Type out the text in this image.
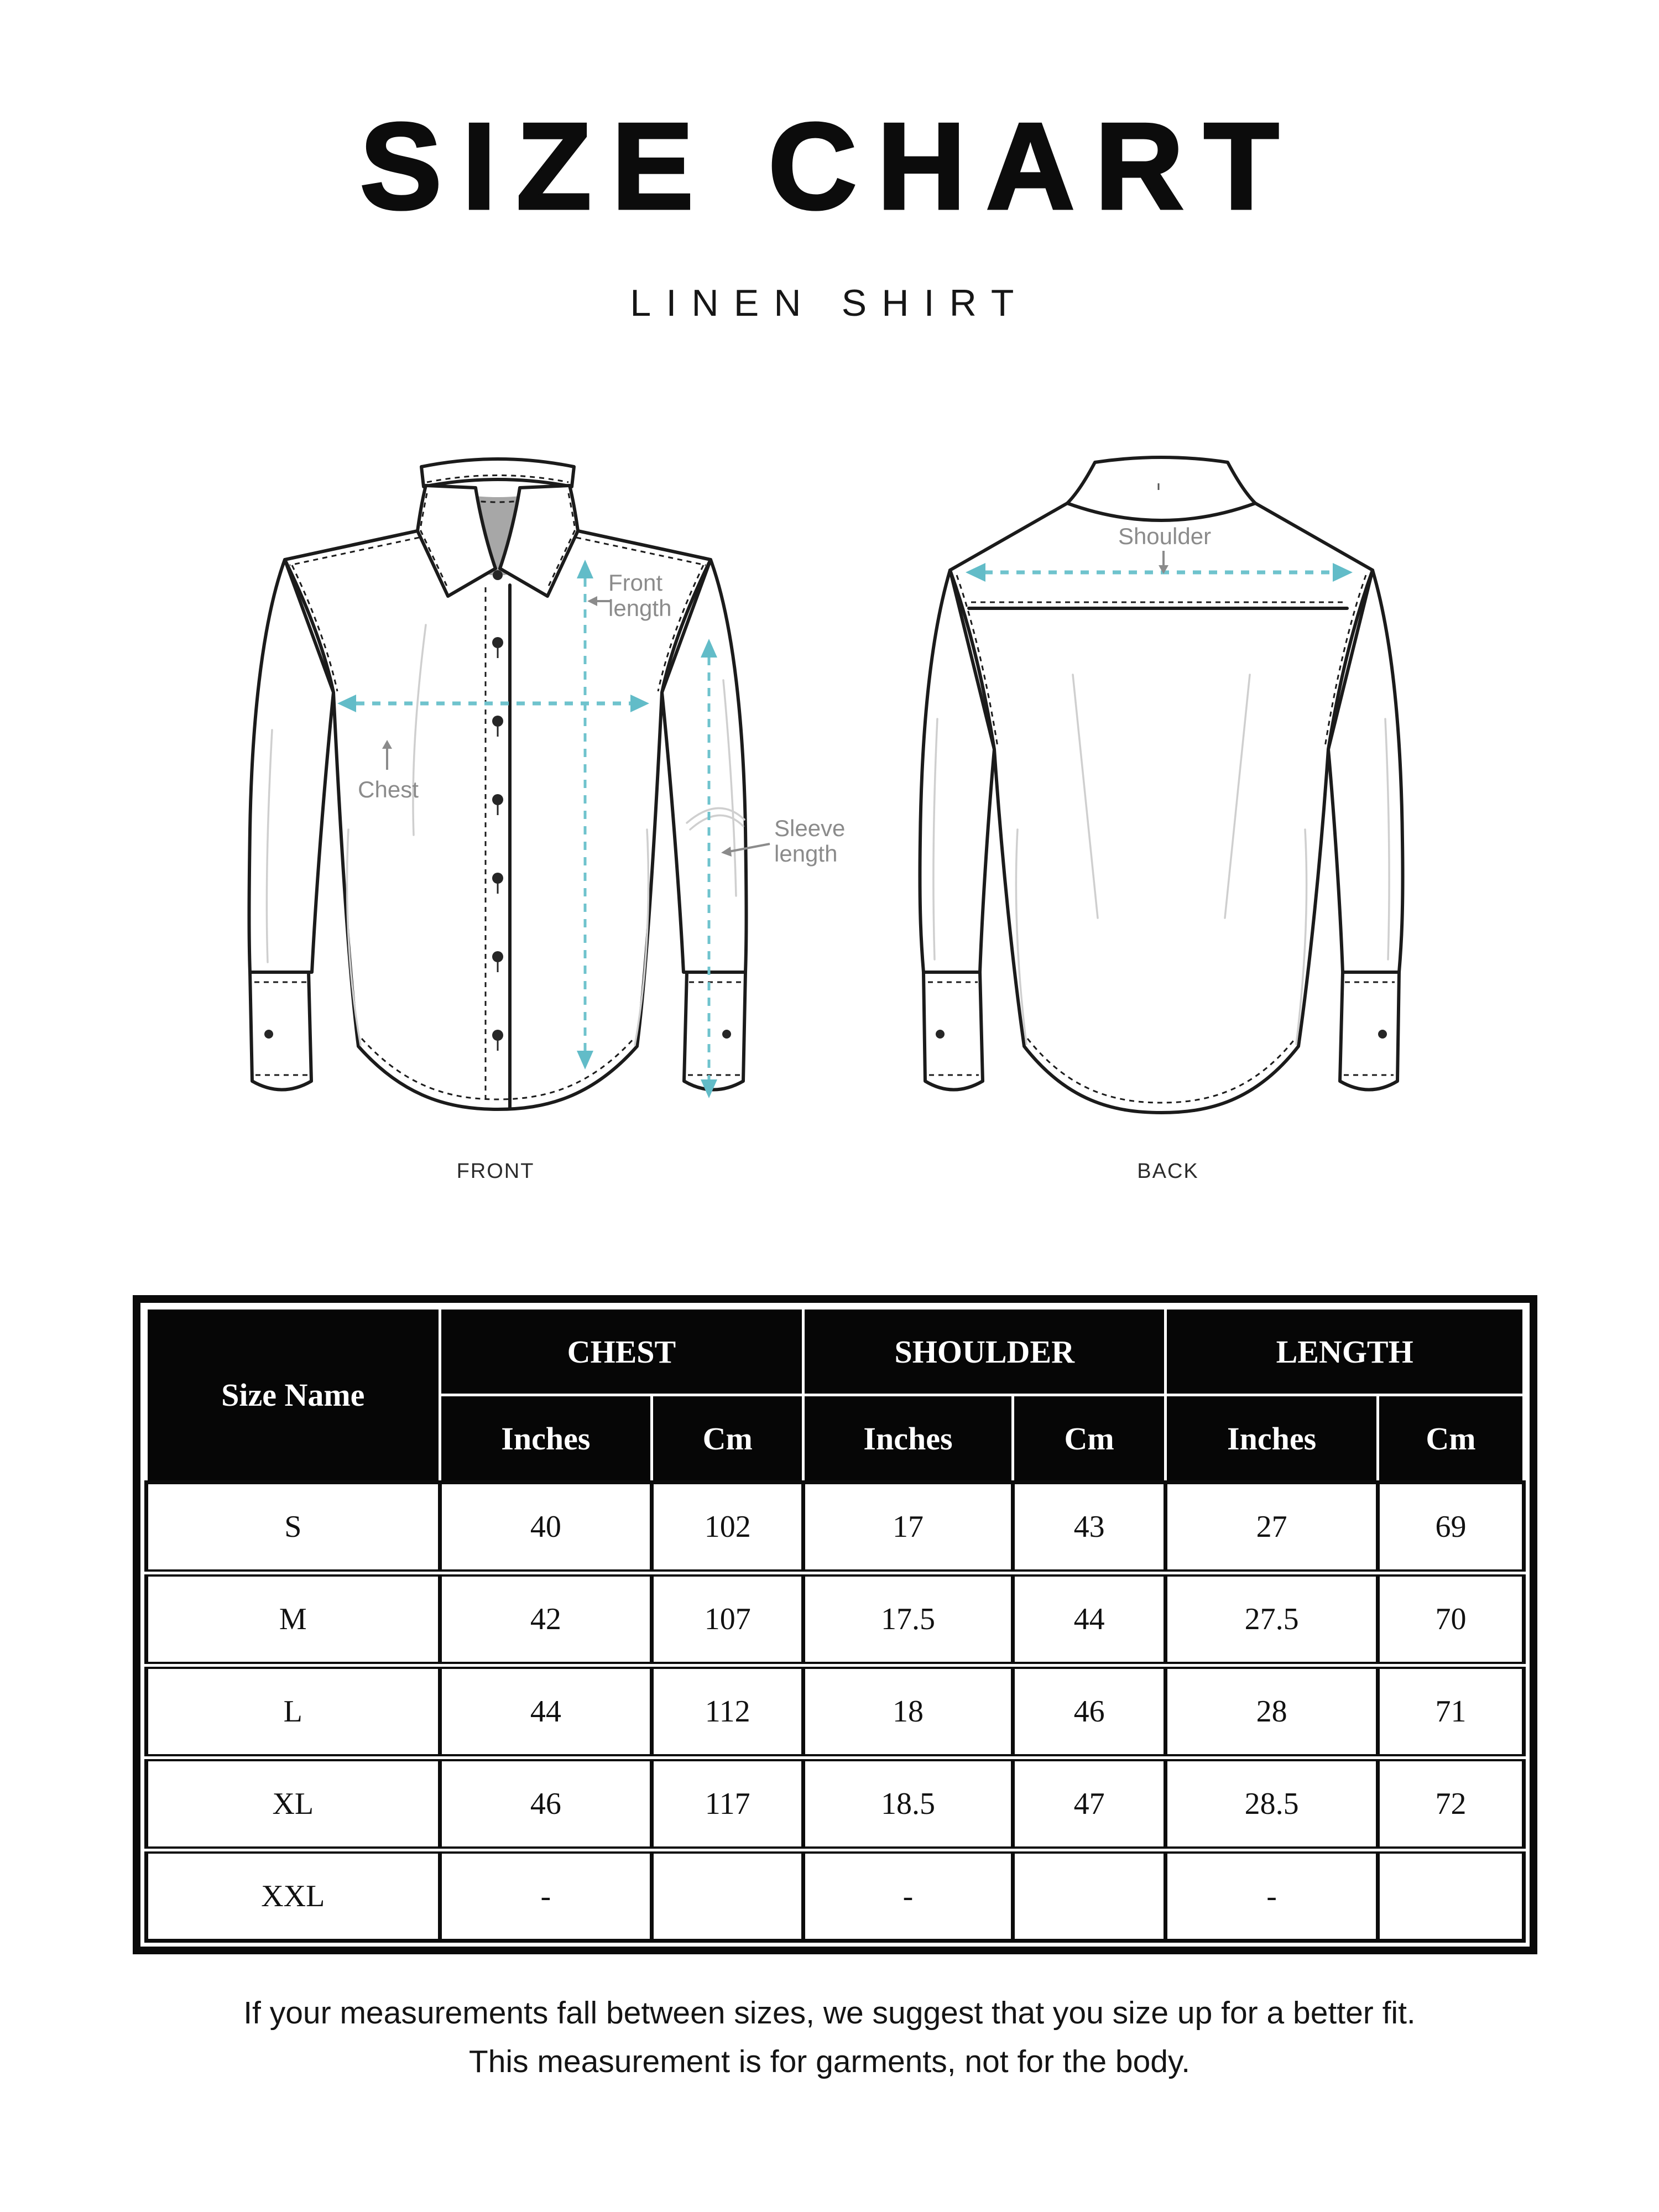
SIZE CHART
LINEN SHIRT
Front
length
Chest
Sleeve
length
Shoulder
FRONT	BACK
Size Name	CHEST		SHOULDER		LENGTH	
	Inches	Cm	Inches	Cm	Inches	Cm
S	40	102	17	43	27	69
M	42	107	17.5	44	27.5	70
L	44	112	18	46	28	71
XL	46	117	18.5	47	28.5	72
XXL	-		-		-	
If your measurements fall between sizes, we suggest that you size up for a better fit.
This measurement is for garments, not for the body.
